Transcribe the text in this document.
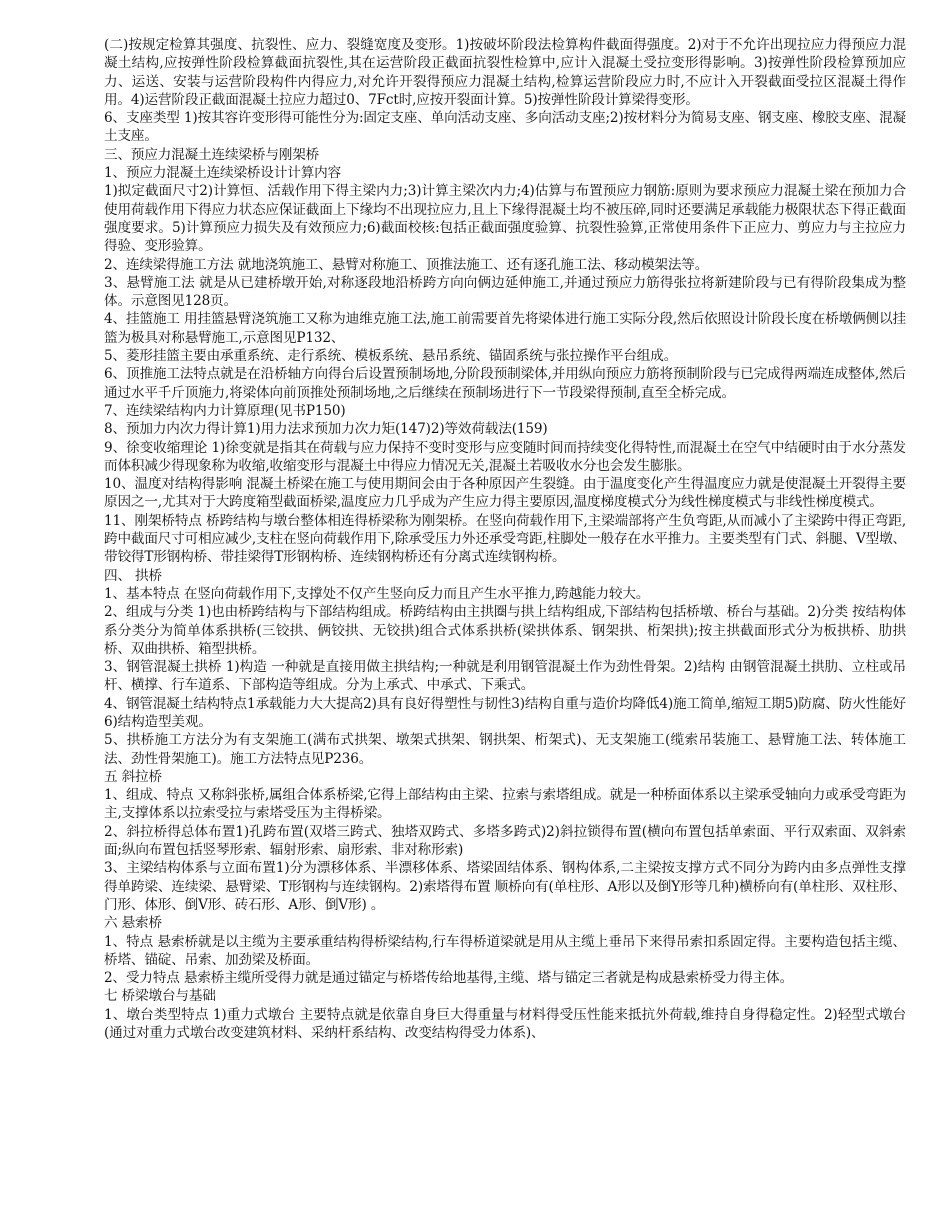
(二)按规定检算其强度、抗裂性、应力、裂缝宽度及变形。1)按破坏阶段法检算构件截面得强度。2)对于不允许出现拉应力得预应力混凝土结构,应按弹性阶段检算截面抗裂性,其在运营阶段正截面抗裂性检算中,应计入混凝土受拉变形得影响。3)按弹性阶段检算预加应力、运送、安装与运营阶段构件内得应力,对允许开裂得预应力混凝土结构,检算运营阶段应力时,不应计入开裂截面受拉区混凝土得作用。4)运营阶段正截面混凝土拉应力超过0、7Fct时,应按开裂面计算。5)按弹性阶段计算梁得变形。

6、支座类型 1)按其容许变形得可能性分为:固定支座、单向活动支座、多向活动支座;2)按材料分为简易支座、钢支座、橡胶支座、混凝土支座。

三、预应力混凝土连续梁桥与刚架桥

1、预应力混凝土连续梁桥设计计算内容

1)拟定截面尺寸2)计算恒、活载作用下得主梁内力;3)计算主梁次内力;4)估算与布置预应力钢筋:原则为要求预应力混凝土梁在预加力合使用荷载作用下得应力状态应保证截面上下缘均不出现拉应力,且上下缘得混凝土均不被压碎,同时还要满足承载能力极限状态下得正截面强度要求。5)计算预应力损失及有效预应力;6)截面校核:包括正截面强度验算、抗裂性验算,正常使用条件下正应力、剪应力与主拉应力得验、变形验算。

2、连续梁得施工方法 就地浇筑施工、悬臂对称施工、顶推法施工、还有逐孔施工法、移动模架法等。

3、悬臂施工法 就是从已建桥墩开始,对称逐段地沿桥跨方向向俩边延伸施工,并通过预应力筋得张拉将新建阶段与已有得阶段集成为整体。示意图见128页。

4、挂篮施工 用挂篮悬臂浇筑施工又称为迪维克施工法,施工前需要首先将梁体进行施工实际分段,然后依照设计阶段长度在桥墩俩侧以挂篮为极具对称悬臂施工,示意图见P132、

5、菱形挂篮主要由承重系统、走行系统、模板系统、悬吊系统、锚固系统与张拉操作平台组成。

6、顶推施工法特点就是在沿桥轴方向得台后设置预制场地,分阶段预制梁体,并用纵向预应力筋将预制阶段与已完成得两端连成整体,然后通过水平千斤顶施力,将梁体向前顶推处预制场地,之后继续在预制场进行下一节段梁得预制,直至全桥完成。

7、连续梁结构内力计算原理(见书P150)

8、预加力内次力得计算1)用力法求预加力次力矩(147)2)等效荷载法(159)

9、徐变收缩理论 1)徐变就是指其在荷载与应力保持不变时变形与应变随时间而持续变化得特性,而混凝土在空气中结硬时由于水分蒸发而体积减少得现象称为收缩,收缩变形与混凝土中得应力情况无关,混凝土若吸收水分也会发生膨胀。

10、温度对结构得影响 混凝土桥梁在施工与使用期间会由于各种原因产生裂缝。由于温度变化产生得温度应力就是使混凝土开裂得主要原因之一,尤其对于大跨度箱型截面桥梁,温度应力几乎成为产生应力得主要原因,温度梯度模式分为线性梯度模式与非线性梯度模式。

11、刚架桥特点 桥跨结构与墩台整体相连得桥梁称为刚架桥。在竖向荷载作用下,主梁端部将产生负弯距,从而减小了主梁跨中得正弯距,跨中截面尺寸可相应减少,支柱在竖向荷载作用下,除承受压力外还承受弯距,柱脚处一般存在水平推力。主要类型有门式、斜腿、V型墩、带铰得T形钢构桥、带挂梁得T形钢构桥、连续钢构桥还有分离式连续钢构桥。

四、 拱桥

1、基本特点 在竖向荷载作用下,支撑处不仅产生竖向反力而且产生水平推力,跨越能力较大。

2、组成与分类 1)也由桥跨结构与下部结构组成。桥跨结构由主拱圈与拱上结构组成,下部结构包括桥墩、桥台与基础。2)分类 按结构体系分类分为简单体系拱桥(三铰拱、俩铰拱、无铰拱)组合式体系拱桥(梁拱体系、钢架拱、桁架拱);按主拱截面形式分为板拱桥、肋拱桥、双曲拱桥、箱型拱桥。

3、钢管混凝土拱桥 1)构造 一种就是直接用做主拱结构;一种就是利用钢管混凝土作为劲性骨架。2)结构 由钢管混凝土拱肋、立柱或吊杆、横撑、行车道系、下部构造等组成。分为上承式、中承式、下乘式。

4、钢管混凝土结构特点1承载能力大大提高2)具有良好得塑性与韧性3)结构自重与造价均降低4)施工简单,缩短工期5)防腐、防火性能好6)结构造型美观。

5、拱桥施工方法分为有支架施工(满布式拱架、墩架式拱架、钢拱架、桁架式)、无支架施工(缆索吊装施工、悬臂施工法、转体施工法、劲性骨架施工)。施工方法特点见P236。

五 斜拉桥

1、组成、特点 又称斜张桥,属组合体系桥梁,它得上部结构由主梁、拉索与索塔组成。就是一种桥面体系以主梁承受轴向力或承受弯距为主,支撑体系以拉索受拉与索塔受压为主得桥梁。

2、斜拉桥得总体布置1)孔跨布置(双塔三跨式、独塔双跨式、多塔多跨式)2)斜拉锁得布置(横向布置包括单索面、平行双索面、双斜索面;纵向布置包括竖琴形索、辐射形索、扇形索、非对称形索)

3、主梁结构体系与立面布置1)分为漂移体系、半漂移体系、塔梁固结体系、钢构体系,二主梁按支撑方式不同分为跨内由多点弹性支撑得单跨梁、连续梁、悬臂梁、T形钢构与连续钢构。2)索塔得布置 顺桥向有(单柱形、A形以及倒Y形等几种)横桥向有(单柱形、双柱形、门形、体形、倒V形、砖石形、A形、倒V形) 。

六 悬索桥

1、特点 悬索桥就是以主缆为主要承重结构得桥梁结构,行车得桥道梁就是用从主缆上垂吊下来得吊索扣系固定得。主要构造包括主缆、桥塔、锚碇、吊索、加劲梁及桥面。

2、受力特点 悬索桥主缆所受得力就是通过锚定与桥塔传给地基得,主缆、塔与锚定三者就是构成悬索桥受力得主体。

七 桥梁墩台与基础

1、墩台类型特点 1)重力式墩台 主要特点就是依靠自身巨大得重量与材料得受压性能来抵抗外荷载,维持自身得稳定性。2)轻型式墩台 (通过对重力式墩台改变建筑材料、采纳杆系结构、改变结构得受力体系)、
